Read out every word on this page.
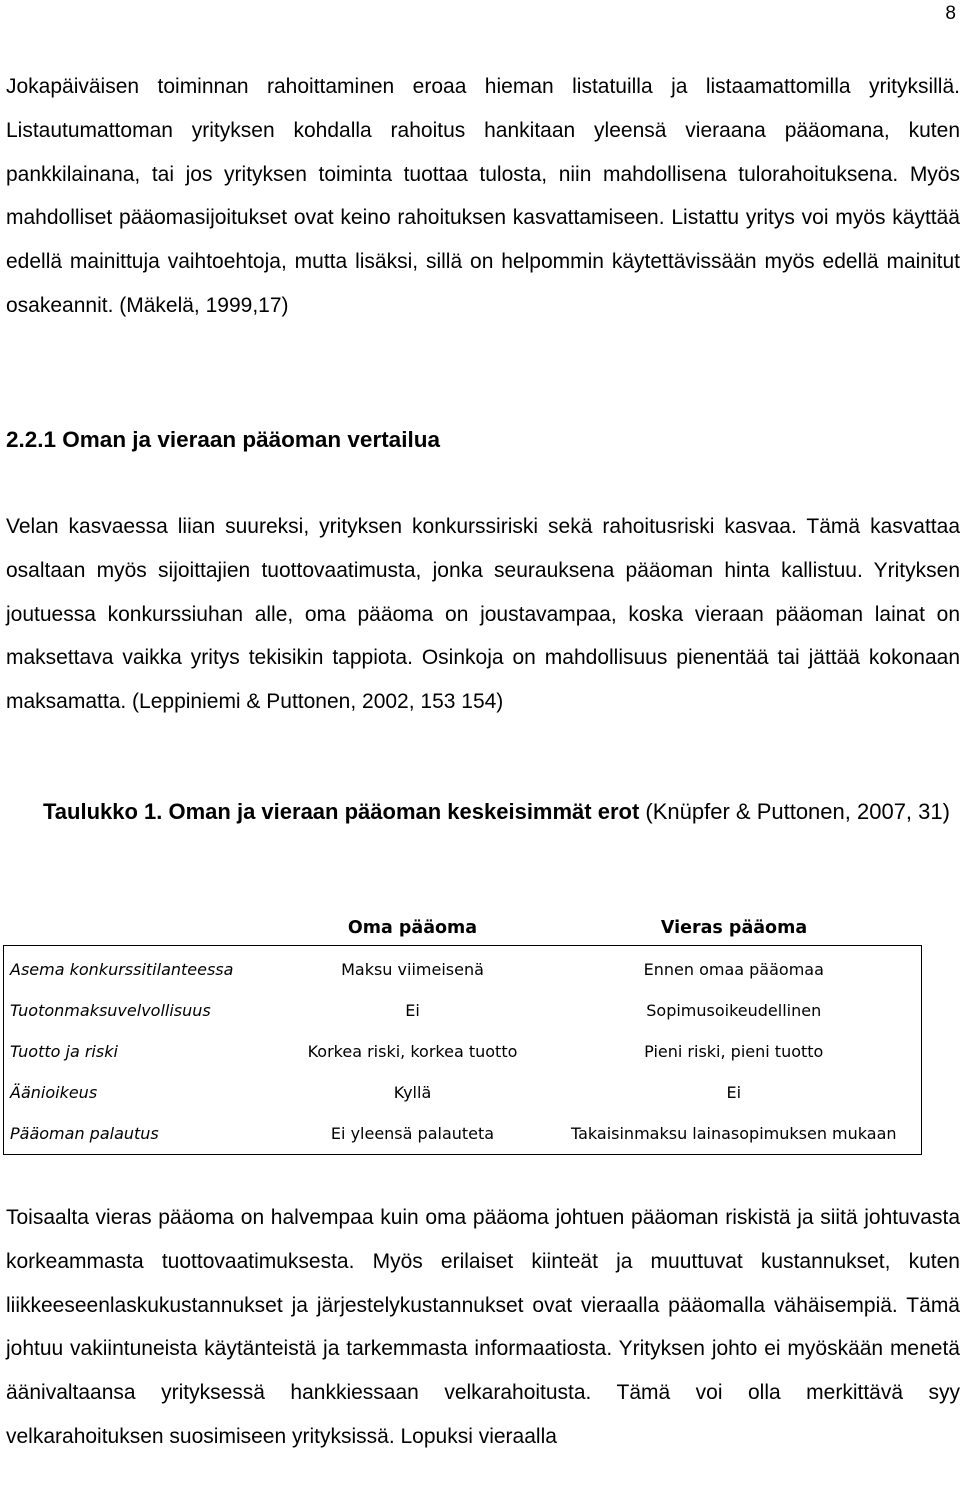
8

Jokapäiväisen toiminnan rahoittaminen eroaa hieman listatuilla ja listaamattomilla yrityksillä. Listautumattoman yrityksen kohdalla rahoitus hankitaan yleensä vieraana pääomana, kuten pankkilainana, tai jos yrityksen toiminta tuottaa tulosta, niin mahdollisena tulorahoituksena. Myös mahdolliset pääomasijoitukset ovat keino rahoituksen kasvattamiseen. Listattu yritys voi myös käyttää edellä mainittuja vaihtoehtoja, mutta lisäksi, sillä on helpommin käytettävissään myös edellä mainitut osakeannit. (Mäkelä, 1999,17)

2.2.1 Oman ja vieraan pääoman vertailua

Velan kasvaessa liian suureksi, yrityksen konkurssiriski sekä rahoitusriski kasvaa. Tämä kasvattaa osaltaan myös sijoittajien tuottovaatimusta, jonka seurauksena pääoman hinta kallistuu. Yrityksen joutuessa konkurssiuhan alle, oma pääoma on joustavampaa, koska vieraan pääoman lainat on maksettava vaikka yritys tekisikin tappiota. Osinkoja on mahdollisuus pienentää tai jättää kokonaan maksamatta. (Leppiniemi & Puttonen, 2002, 153 154)

Taulukko 1. Oman ja vieraan pääoman keskeisimmät erot (Knüpfer & Puttonen, 2007, 31)

	Oma pääoma	Vieras pääoma
Asema konkurssitilanteessa	Maksu viimeisenä	Ennen omaa pääomaa
Tuotonmaksuvelvollisuus	Ei	Sopimusoikeudellinen
Tuotto ja riski	Korkea riski, korkea tuotto	Pieni riski, pieni tuotto
Äänioikeus	Kyllä	Ei
Pääoman palautus	Ei yleensä palauteta	Takaisinmaksu lainasopimuksen mukaan

Toisaalta vieras pääoma on halvempaa kuin oma pääoma johtuen pääoman riskistä ja siitä johtuvasta korkeammasta tuottovaatimuksesta. Myös erilaiset kiinteät ja muuttuvat kustannukset, kuten liikkeeseenlaskukustannukset ja järjestelykustannukset ovat vieraalla pääomalla vähäisempiä. Tämä johtuu vakiintuneista käytänteistä ja tarkemmasta informaatiosta. Yrityksen johto ei myöskään menetä äänivaltaansa yrityksessä hankkiessaan velkarahoitusta. Tämä voi olla merkittävä syy velkarahoituksen suosimiseen yrityksissä. Lopuksi vieraalla
